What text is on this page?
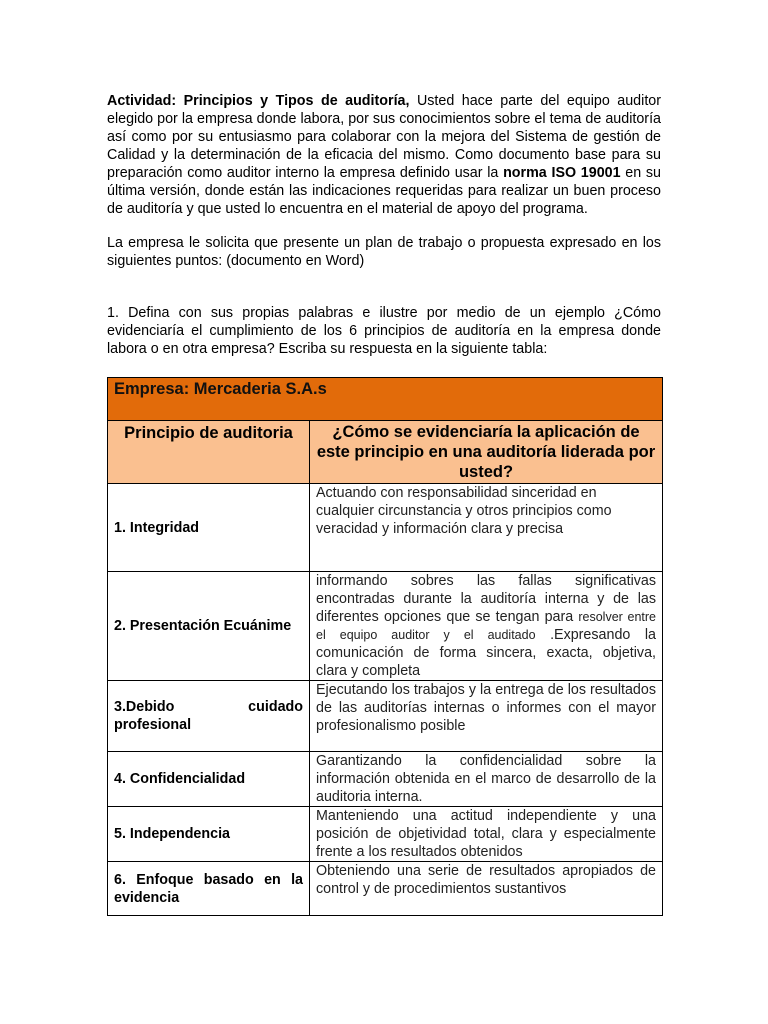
Actividad: Principios y Tipos de auditoría, Usted hace parte del equipo auditor elegido por la empresa donde labora, por sus conocimientos sobre el tema de auditoría así como por su entusiasmo para colaborar con la mejora del Sistema de gestión de Calidad y la determinación de la eficacia del mismo. Como documento base para su preparación como auditor interno la empresa definido usar la norma ISO 19001 en su última versión, donde están las indicaciones requeridas para realizar un buen proceso de auditoría y que usted lo encuentra en el material de apoyo del programa.

La empresa le solicita que presente un plan de trabajo o propuesta expresado en los siguientes puntos: (documento en Word)

1. Defina con sus propias palabras e ilustre por medio de un ejemplo ¿Cómo evidenciaría el cumplimiento de los 6 principios de auditoría en la empresa donde labora o en otra empresa? Escriba su respuesta en la siguiente tabla:

Empresa: Mercaderia S.A.s	
Principio de auditoria	¿Cómo se evidenciaría la aplicación de este principio en una auditoría liderada por usted?
1. Integridad	Actuando con responsabilidad sinceridad en cualquier circunstancia y otros principios como veracidad y información clara y precisa
2. Presentación Ecuánime	informando sobres las fallas significativas encontradas durante la auditoría interna y de las diferentes opciones que se tengan para resolver entre el equipo auditor y el auditado .Expresando la comunicación de forma sincera, exacta, objetiva, clara y completa
3.Debido cuidado profesional	Ejecutando los trabajos y la entrega de los resultados de las auditorías internas o informes con el mayor profesionalismo posible
4. Confidencialidad	Garantizando la confidencialidad sobre la información obtenida en el marco de desarrollo de la auditoria interna.
5. Independencia	Manteniendo una actitud independiente y una posición de objetividad total, clara y especialmente frente a los resultados obtenidos
6. Enfoque basado en la evidencia	Obteniendo una serie de resultados apropiados de control y de procedimientos sustantivos
